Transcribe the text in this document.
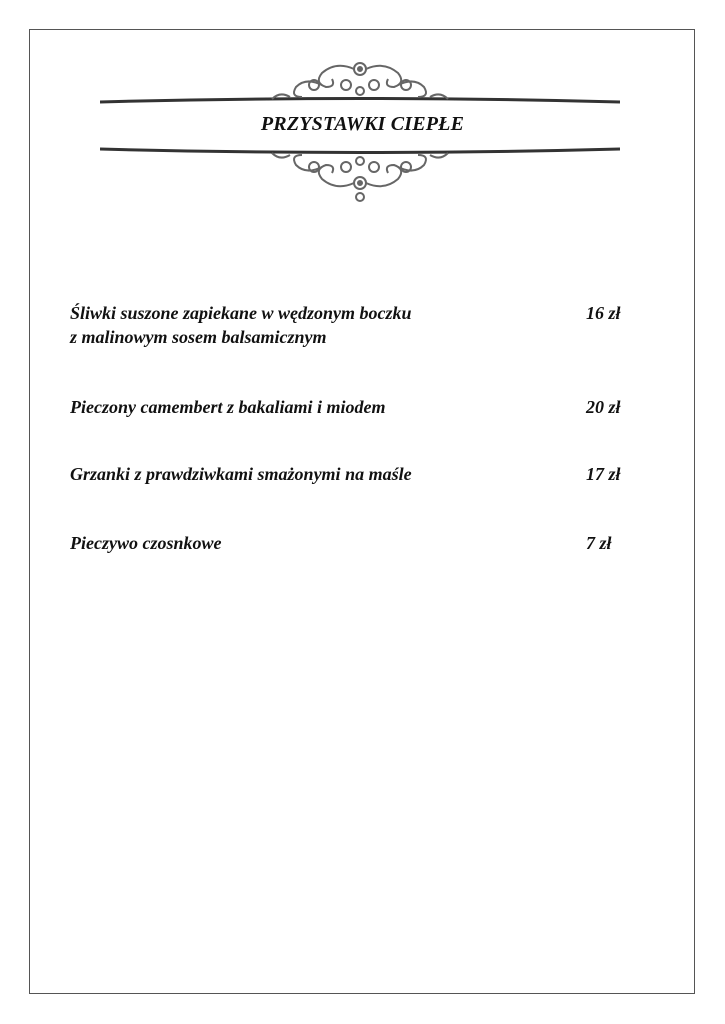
PRZYSTAWKI CIEPŁE
Śliwki suszone zapiekane w wędzonym boczku
z malinowym sosem balsamicznym
16 zł
Pieczony camembert z bakaliami i miodem	20 zł
Grzanki z prawdziwkami smażonymi na maśle	17 zł
Pieczywo czosnkowe	7 zł
